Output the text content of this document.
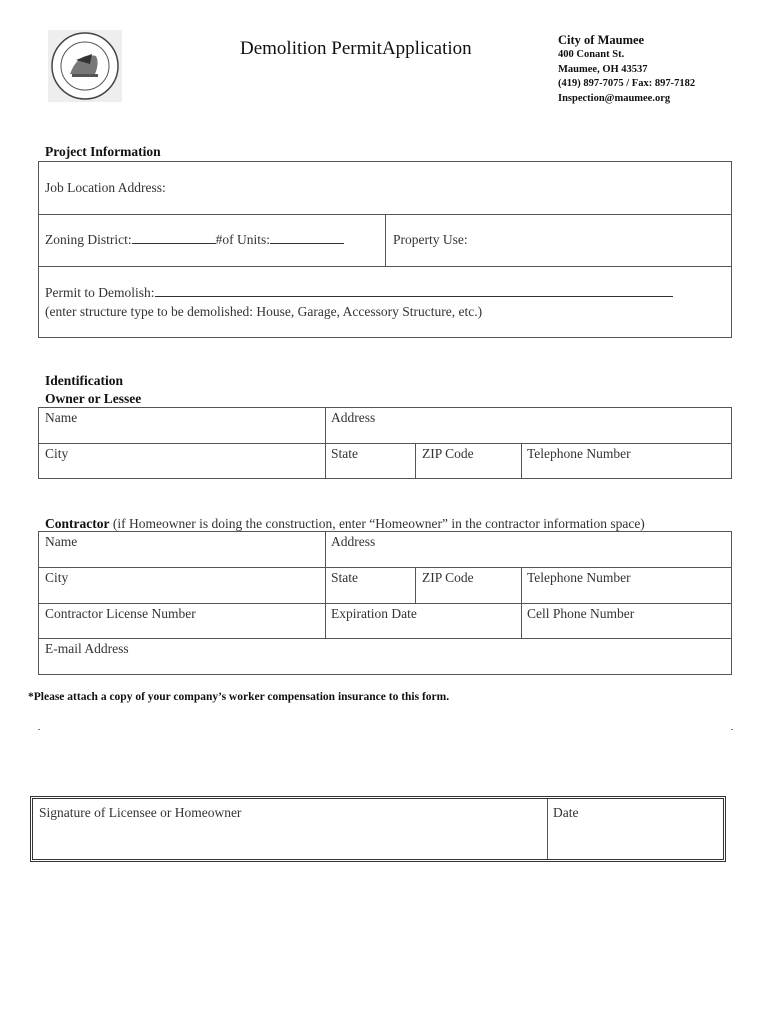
Demolition PermitApplication	City of Maumee
400 Conant St.
Maumee, OH 43537
(419) 897-7075 / Fax: 897-7182
Inspection@maumee.org
Project Information
Job Location Address:
Zoning District:	#of Units:	Property Use:
Permit to Demolish:
(enter structure type to be demolished: House, Garage, Accessory Structure, etc.)
Identification
Owner or Lessee
Name	Address
City	State	ZIP Code	Telephone Number
Contractor (if Homeowner is doing the construction, enter “Homeowner” in the contractor information space)
Name	Address
City	State	ZIP Code	Telephone Number
Contractor License Number	Expiration Date	Cell Phone Number
E-mail Address
*Please attach a copy of your company’s worker compensation insurance to this form.
Signature of Licensee or Homeowner	Date
